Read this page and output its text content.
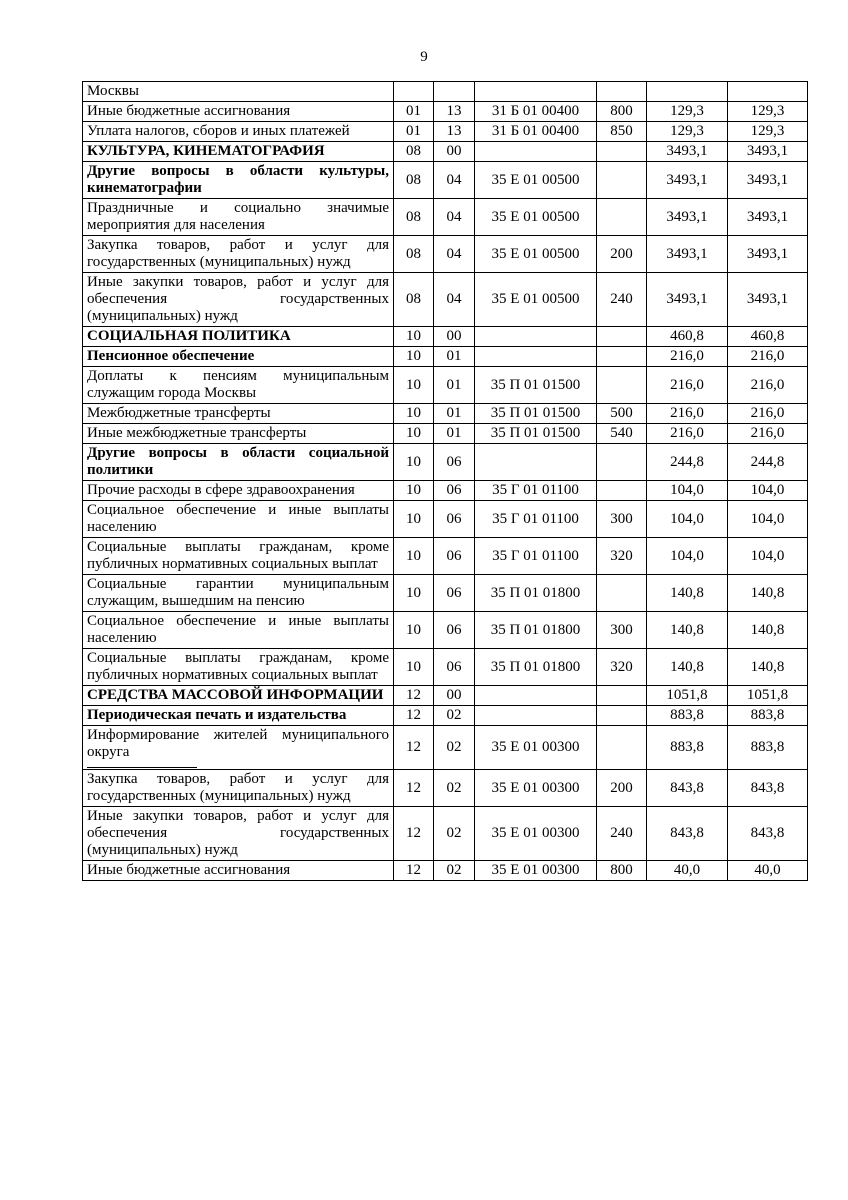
9
Москвы						
Иные бюджетные ассигнования	01	13	31 Б 01 00400	800	129,3	129,3
Уплата налогов, сборов и иных платежей	01	13	31 Б 01 00400	850	129,3	129,3
КУЛЬТУРА, КИНЕМАТОГРАФИЯ	08	00			3493,1	3493,1
Другие вопросы в области культуры, кинематографии	08	04	35 Е 01 00500		3493,1	3493,1
Праздничные и социально значимые мероприятия для населения	08	04	35 Е 01 00500		3493,1	3493,1
Закупка товаров, работ и услуг для государственных (муниципальных) нужд	08	04	35 Е 01 00500	200	3493,1	3493,1
Иные закупки товаров, работ и услуг для обеспечения государственных (муниципальных) нужд	08	04	35 Е 01 00500	240	3493,1	3493,1
СОЦИАЛЬНАЯ ПОЛИТИКА	10	00			460,8	460,8
Пенсионное обеспечение	10	01			216,0	216,0
Доплаты к пенсиям муниципальным служащим города Москвы	10	01	35 П 01 01500		216,0	216,0
Межбюджетные трансферты	10	01	35 П 01 01500	500	216,0	216,0
Иные межбюджетные трансферты	10	01	35 П 01 01500	540	216,0	216,0
Другие вопросы в области социальной политики	10	06			244,8	244,8
Прочие расходы в сфере здравоохранения	10	06	35 Г 01 01100		104,0	104,0
Социальное обеспечение и иные выплаты населению	10	06	35 Г 01 01100	300	104,0	104,0
Социальные выплаты гражданам, кроме публичных нормативных социальных выплат	10	06	35 Г 01 01100	320	104,0	104,0
Социальные гарантии муниципальным служащим, вышедшим на пенсию	10	06	35 П 01 01800		140,8	140,8
Социальное обеспечение и иные выплаты населению	10	06	35 П 01 01800	300	140,8	140,8
Социальные выплаты гражданам, кроме публичных нормативных социальных выплат	10	06	35 П 01 01800	320	140,8	140,8
СРЕДСТВА МАССОВОЙ ИНФОРМАЦИИ	12	00			1051,8	1051,8
Периодическая печать и издательства	12	02			883,8	883,8
Информирование жителей муниципального округа	12	02	35 Е 01 00300		883,8	883,8
Закупка товаров, работ и услуг для государственных (муниципальных) нужд	12	02	35 Е 01 00300	200	843,8	843,8
Иные закупки товаров, работ и услуг для обеспечения государственных (муниципальных) нужд	12	02	35 Е 01 00300	240	843,8	843,8
Иные бюджетные ассигнования	12	02	35 Е 01 00300	800	40,0	40,0
